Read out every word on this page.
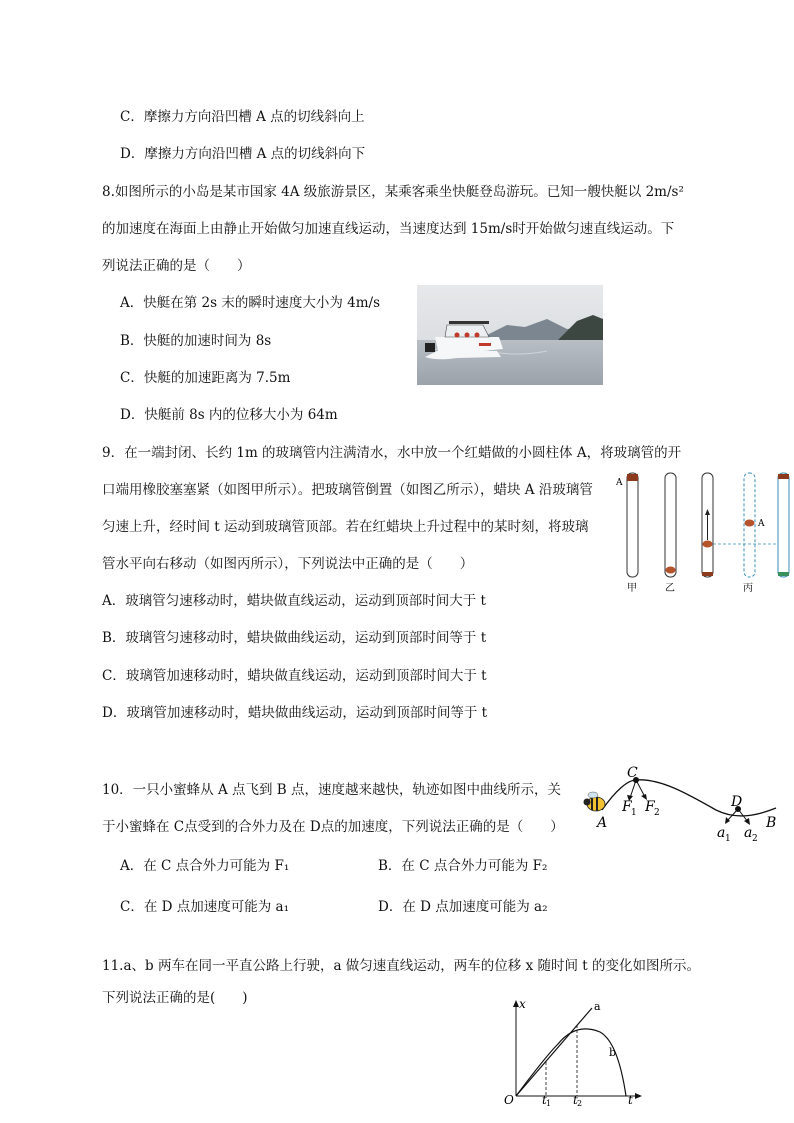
C．摩擦力方向沿凹槽 A 点的切线斜向上
D．摩擦力方向沿凹槽 A 点的切线斜向下
8.如图所示的小岛是某市国家 4A 级旅游景区，某乘客乘坐快艇登岛游玩。已知一艘快艇以 2m/s²
的加速度在海面上由静止开始做匀加速直线运动，当速度达到 15m/s时开始做匀速直线运动。下
列说法正确的是（　　）
A．快艇在第 2s 末的瞬时速度大小为 4m/s
B．快艇的加速时间为 8s
C．快艇的加速距离为 7.5m
D．快艇前 8s 内的位移大小为 64m
9．在一端封闭、长约 1m 的玻璃管内注满清水，水中放一个红蜡做的小圆柱体 A，将玻璃管的开
口端用橡胶塞塞紧（如图甲所示）。把玻璃管倒置（如图乙所示），蜡块 A 沿玻璃管
匀速上升，经时间 t 运动到玻璃管顶部。若在红蜡块上升过程中的某时刻，将玻璃
管水平向右移动（如图丙所示），下列说法中正确的是（　　）
A．玻璃管匀速移动时，蜡块做直线运动，运动到顶部时间大于 t
B．玻璃管匀速移动时，蜡块做曲线运动，运动到顶部时间等于 t
C．玻璃管加速移动时，蜡块做直线运动，运动到顶部时间大于 t
D．玻璃管加速移动时，蜡块做曲线运动，运动到顶部时间等于 t
A
甲	乙
A
丙
10．一只小蜜蜂从 A 点飞到 B 点，速度越来越快，轨迹如图中曲线所示，关
于小蜜蜂在 C点受到的合外力及在 D点的加速度，下列说法正确的是（　　）
A．在 C 点合外力可能为 F₁	B．在 C 点合外力可能为 F₂
C．在 D 点加速度可能为 a₁	D．在 D 点加速度可能为 a₂
A	B
C
D
F F
a a
1 2
1 2
11.a、b 两车在同一平直公路上行驶，a 做匀速直线运动，两车的位移 x 随时间 t 的变化如图所示。
下列说法正确的是(　　)	x
t
O t t
1	2
a
b
